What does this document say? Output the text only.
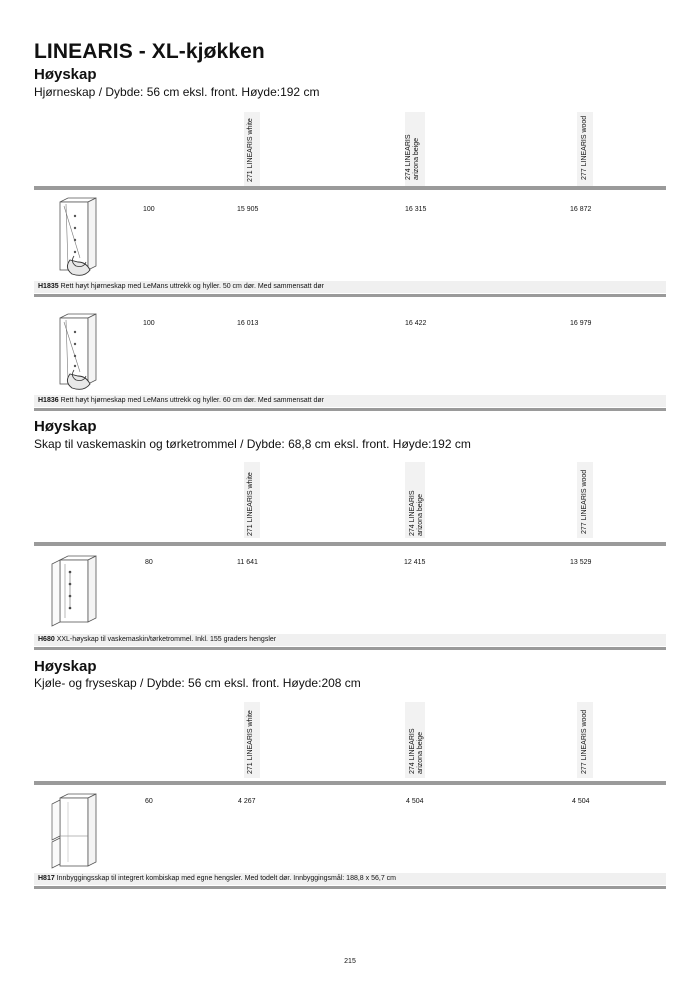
LINEARIS - XL-kjøkken
Høyskap
Hjørneskap / Dybde: 56 cm eksl. front. Høyde:192 cm
271 LINEARIS white	274 LINEARIS arizona beige	277 LINEARIS wood
100	15 905	16 315	16 872
H1835 Rett høyt hjørneskap med LeMans uttrekk og hyller. 50 cm dør. Med sammensatt dør
100	16 013	16 422	16 979
H1836 Rett høyt hjørneskap med LeMans uttrekk og hyller. 60 cm dør. Med sammensatt dør
Høyskap
Skap til vaskemaskin og tørketrommel / Dybde: 68,8 cm eksl. front. Høyde:192 cm
271 LINEARIS white	274 LINEARIS arizona beige	277 LINEARIS wood
80	11 641	12 415	13 529
H680 XXL-høyskap til vaskemaskin/tørketrommel. Inkl. 155 graders hengsler
Høyskap
Kjøle- og fryseskap / Dybde: 56 cm eksl. front. Høyde:208 cm
271 LINEARIS white	274 LINEARIS arizona beige	277 LINEARIS wood
60	4 267	4 504	4 504
H817 Innbyggingsskap til integrert kombiskap med egne hengsler. Med todelt dør. Innbyggingsmål: 188,8 x 56,7 cm
215
